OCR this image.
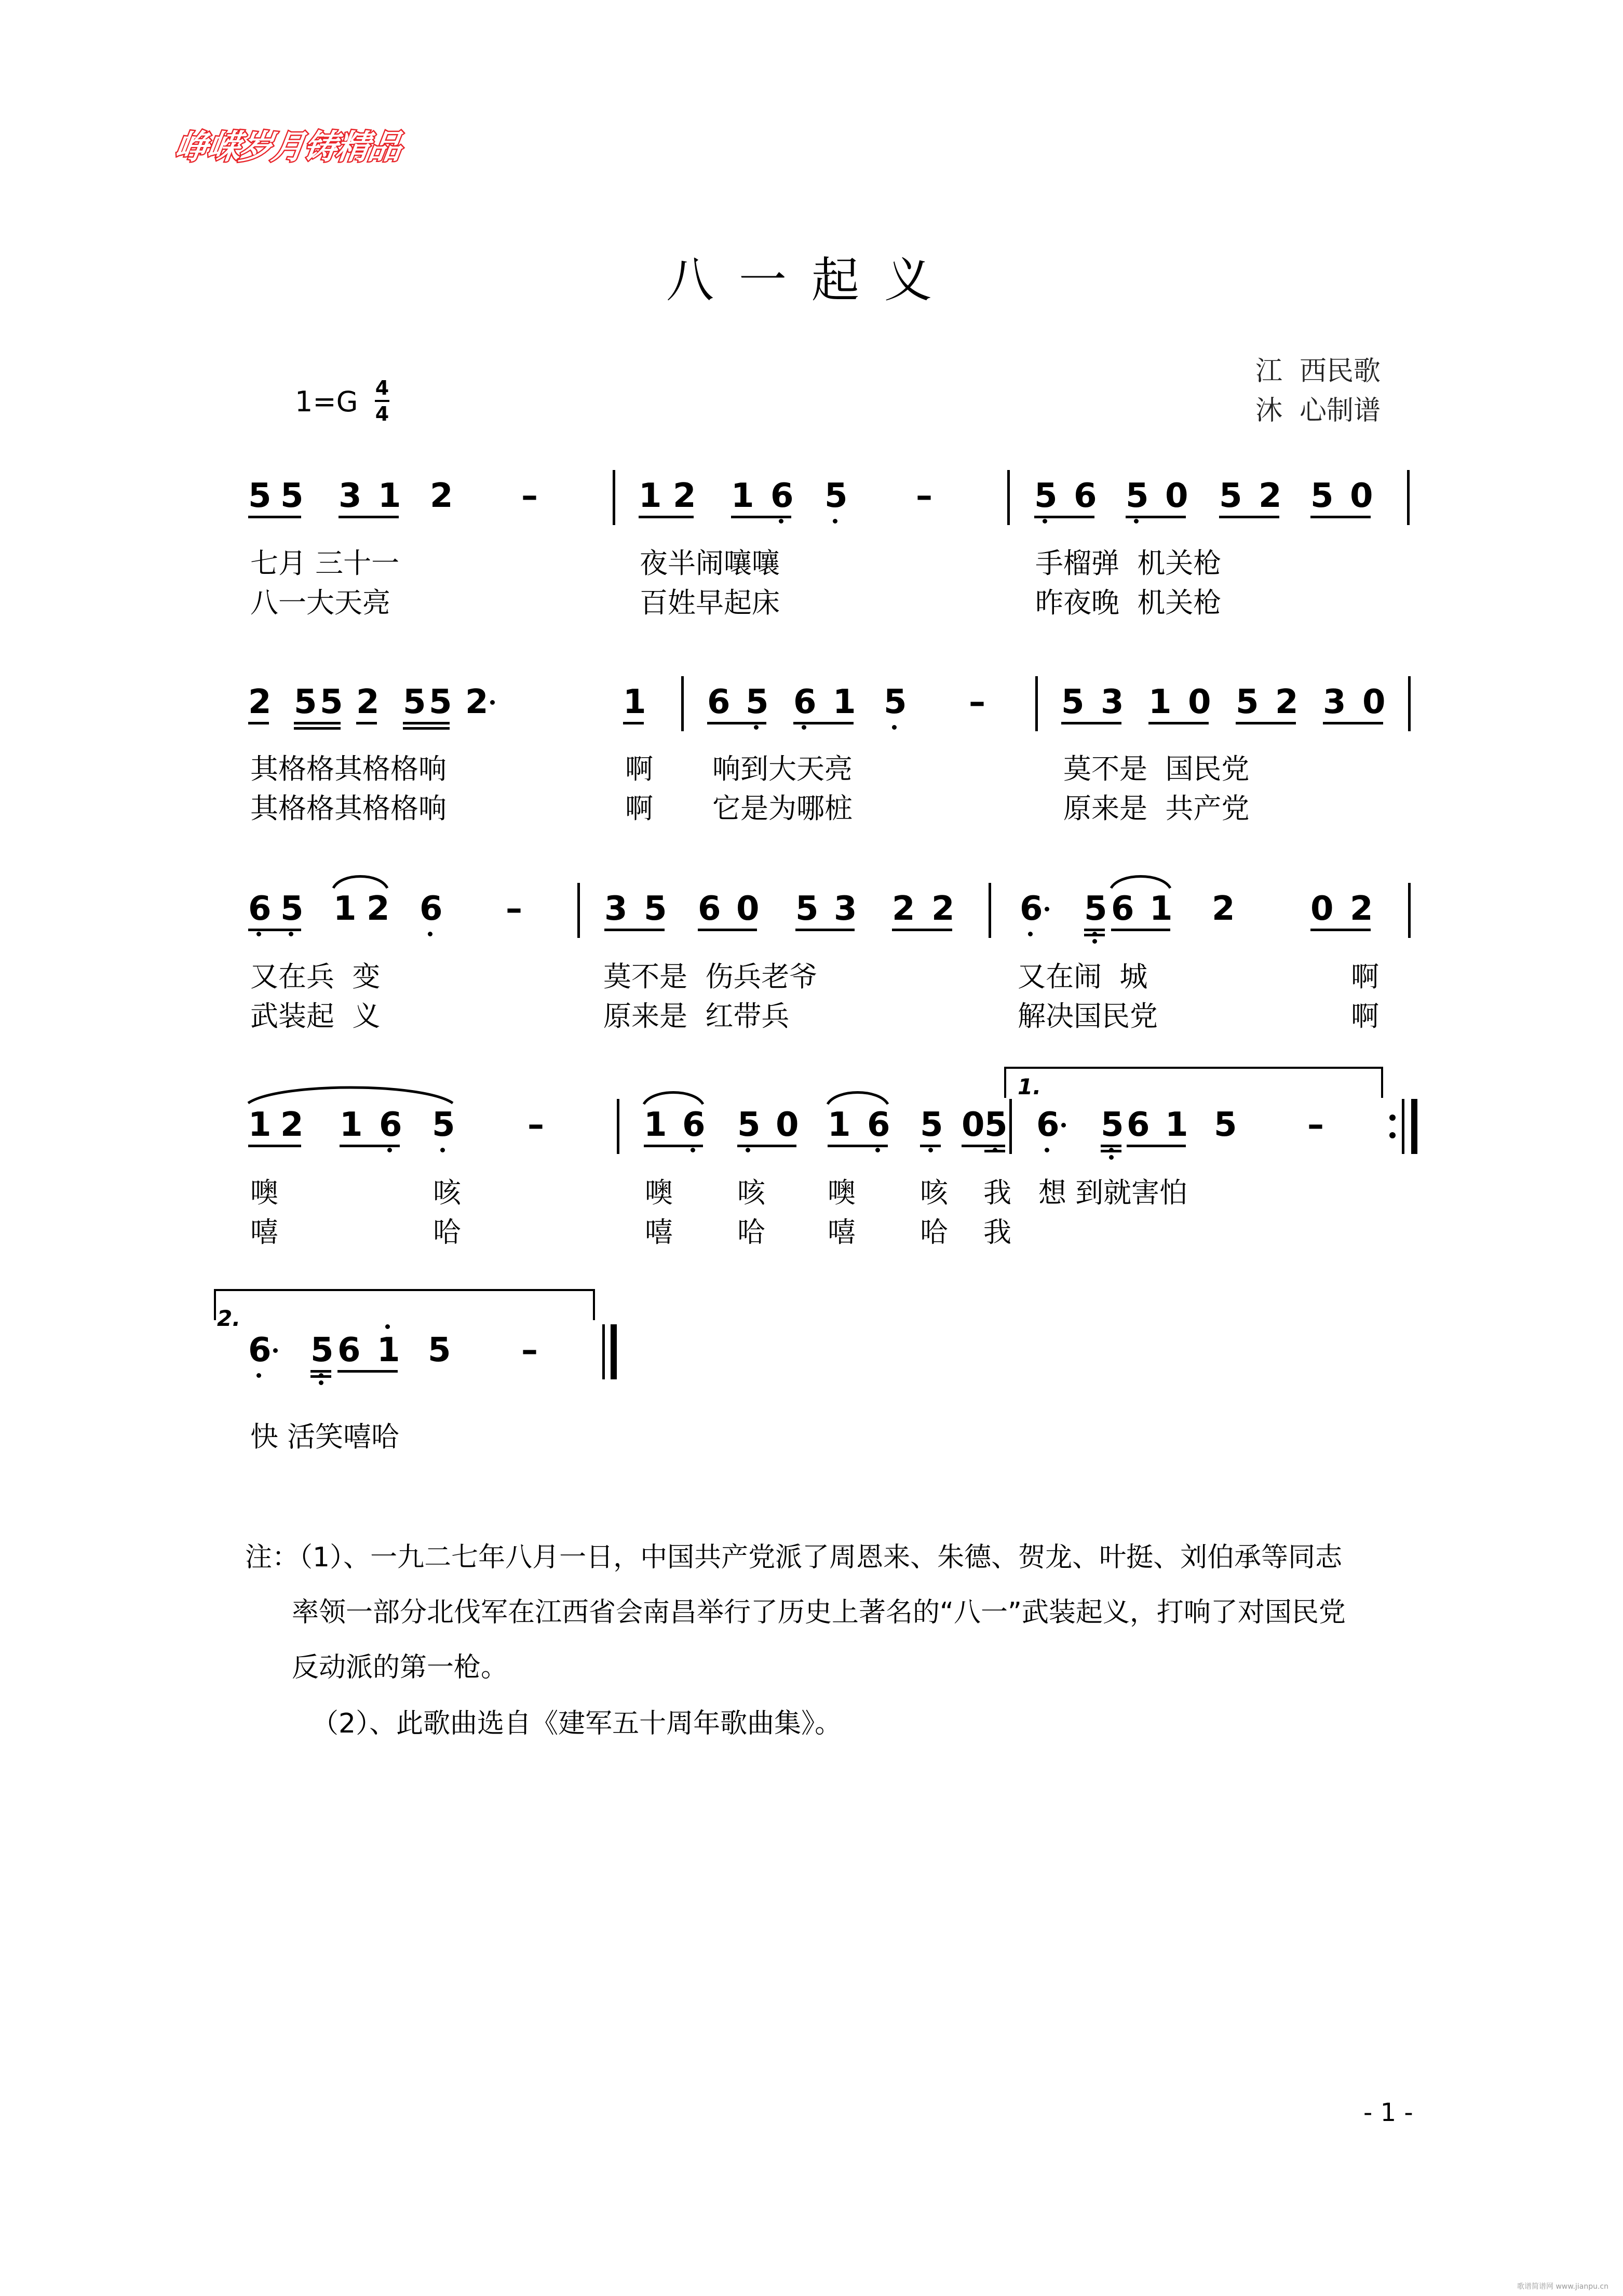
峥嵘岁月铸精品
八一起义
江  西民歌
沐  心制谱
1=G 4
4
5 5 3 1 2 –	1 2 1 6 5 –	5 6 5 0 5 2 5 0
2 5 5 2 5 5 2	1 6 5 6 1 5 – 5 3 1 0 5 2 3 0
6 5 1 2 6 – 3 5 6 0 5 3 2 2 6 5 6 1 2 0 2
1 2 1 6 5 –	1 6 5 0 1 6 5 0 5 6 5 6 1 5 –
6 5 6 1 5 –
七月 三十一	夜半闹嚷嚷	手榴弹  机关枪
八一大天亮	百姓早起床	昨夜晚  机关枪
其格格其格格响	啊 响到大天亮	莫不是  国民党
其格格其格格响	啊 它是为哪桩	原来是  共产党
又在兵  变	莫不是  伤兵老爷	又在闹  城	啊
武装起  义	原来是  红带兵	解决国民党	啊
噢	咳	噢 咳 噢 咳 我 想 到就害怕
嘻	哈	嘻 哈 嘻 哈 我
快 活笑嘻哈
1.
2.
注：（1）、一九二七年八月一日，中国共产党派了周恩来、朱德、贺龙、叶挺、刘伯承等同志
率领一部分北伐军在江西省会南昌举行了历史上著名的“八一”武装起义，打响了对国民党
反动派的第一枪。
（2）、此歌曲选自《建军五十周年歌曲集》。
- 1 -
歌谱简谱网 www.jianpu.cn
